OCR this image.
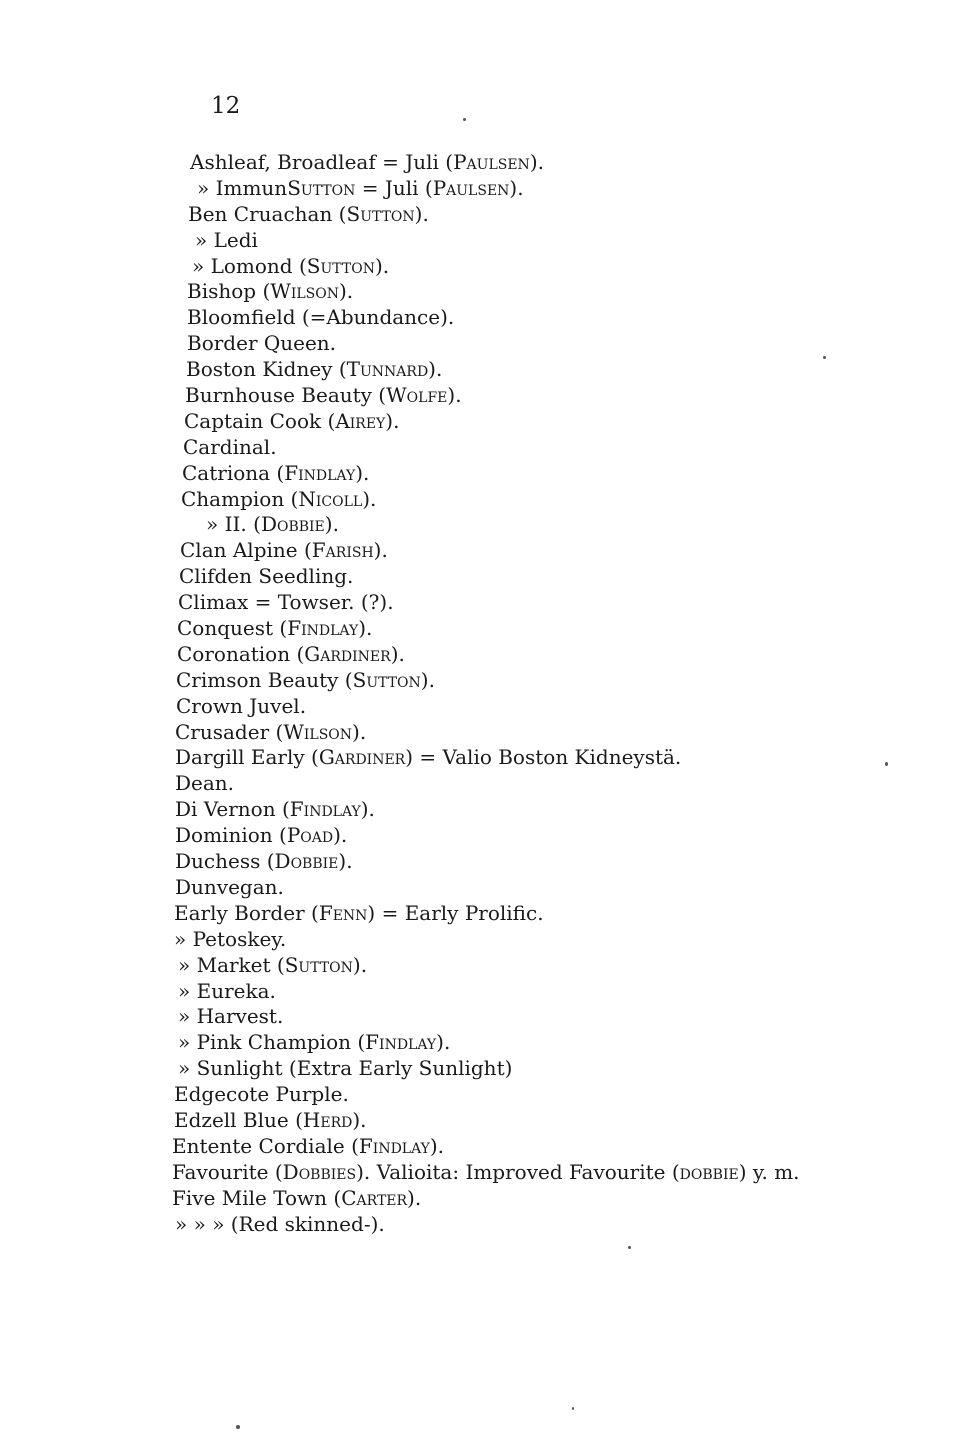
12
Ashleaf, Broadleaf = Juli (Paulsen).
» ImmunSutton = Juli (Paulsen).
Ben Cruachan (Sutton).
» Ledi
» Lomond (Sutton).
Bishop (Wilson).
Bloomfield (=Abundance).
Border Queen.
Boston Kidney (Tunnard).
Burnhouse Beauty (Wolfe).
Captain Cook (Airey).
Cardinal.
Catriona (Findlay).
Champion (Nicoll).
» II. (Dobbie).
Clan Alpine (Farish).
Clifden Seedling.
Climax = Towser. (?).
Conquest (Findlay).
Coronation (Gardiner).
Crimson Beauty (Sutton).
Crown Juvel.
Crusader (Wilson).
Dargill Early (Gardiner) = Valio Boston Kidneystä.
Dean.
Di Vernon (Findlay).
Dominion (Poad).
Duchess (Dobbie).
Dunvegan.
Early Border (Fenn) = Early Prolific.
» Petoskey.
» Market (Sutton).
» Eureka.
» Harvest.
» Pink Champion (Findlay).
» Sunlight (Extra Early Sunlight)
Edgecote Purple.
Edzell Blue (Herd).
Entente Cordiale (Findlay).
Favourite (Dobbies). Valioita: Improved Favourite (dobbie) y. m.
Five Mile Town (Carter).
» » » (Red skinned-).
